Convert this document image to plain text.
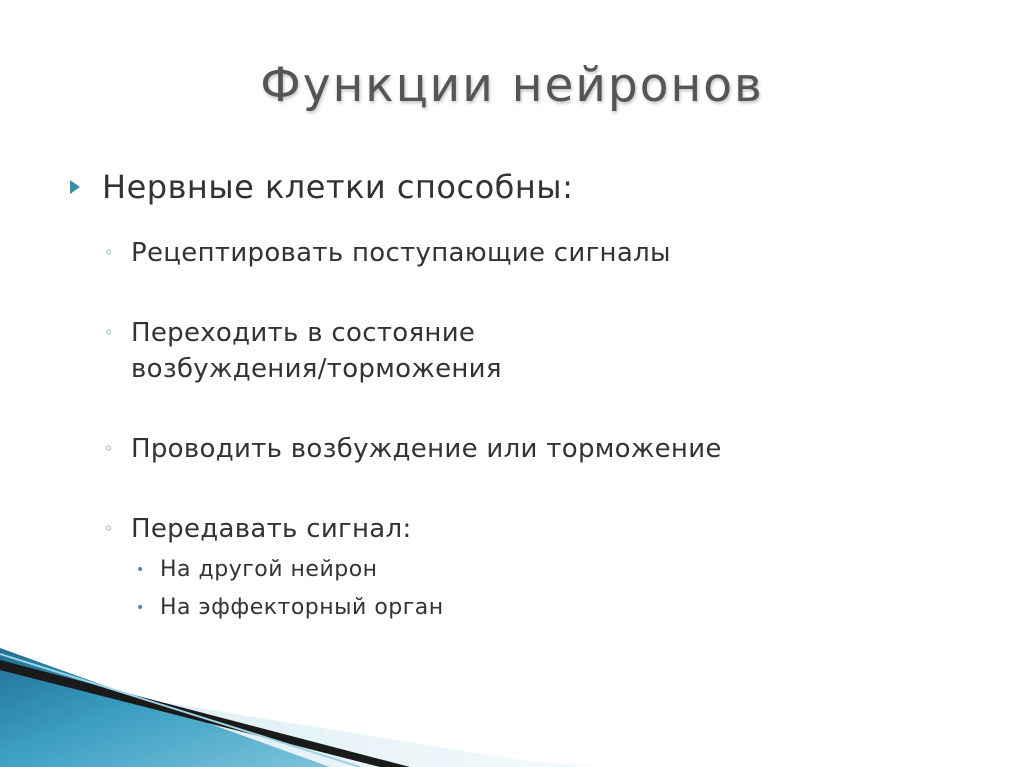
Функции нейронов
Нервные клетки способны:
◦ Рецептировать поступающие сигналы
◦ Переходить в состояние
возбуждения/торможения
◦ Проводить возбуждение или торможение
◦ Передавать сигнал:
• На другой нейрон
• На эффекторный орган
